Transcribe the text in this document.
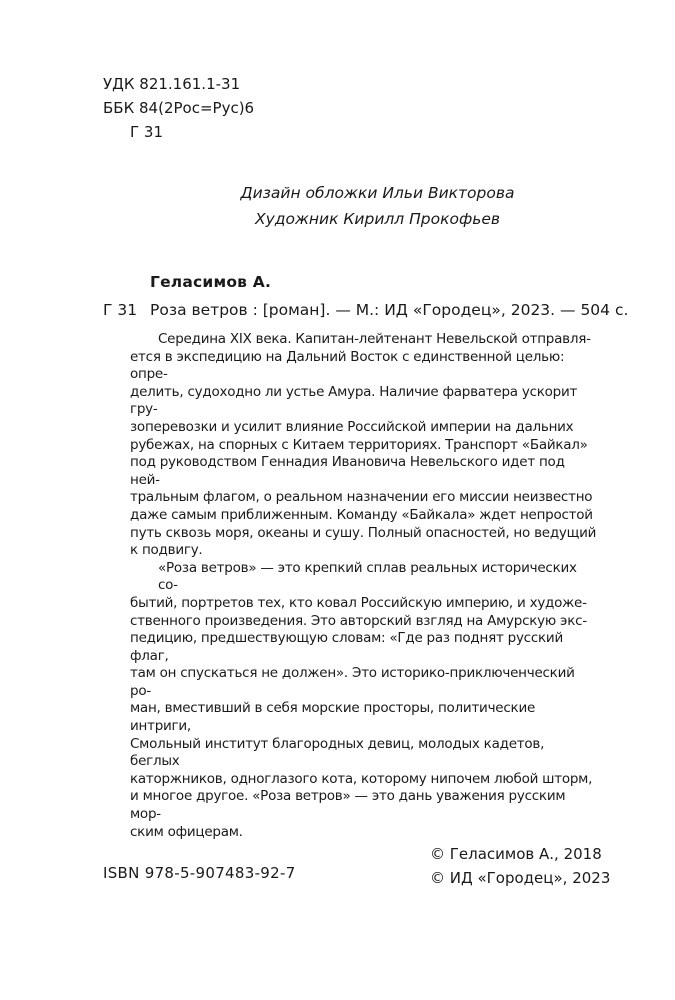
УДК 821.161.1-31
ББК 84(2Рос=Рус)6
Г 31
Дизайн обложки Ильи Викторова
Художник Кирилл Прокофьев
Геласимов А.
Г 31 Роза ветров : [роман]. — М.: ИД «Городец», 2023. — 504 с.
Середина XIX века. Капитан-лейтенант Невельской отправля-
ется в экспедицию на Дальний Восток с единственной целью: опре-
делить, судоходно ли устье Амура. Наличие фарватера ускорит гру-
зоперевозки и усилит влияние Российской империи на дальних
рубежах, на спорных с Китаем территориях. Транспорт «Байкал»
под руководством Геннадия Ивановича Невельского идет под ней-
тральным флагом, о реальном назначении его миссии неизвестно
даже самым приближенным. Команду «Байкала» ждет непростой
путь сквозь моря, океаны и сушу. Полный опасностей, но ведущий
к подвигу.
«Роза ветров» — это крепкий сплав реальных исторических со-
бытий, портретов тех, кто ковал Российскую империю, и художе-
ственного произведения. Это авторский взгляд на Амурскую экс-
педицию, предшествующую словам: «Где раз поднят русский флаг,
там он спускаться не должен». Это историко-приключенческий ро-
ман, вместивший в себя морские просторы, политические интриги,
Смольный институт благородных девиц, молодых кадетов, беглых
каторжников, одноглазого кота, которому нипочем любой шторм,
и многое другое. «Роза ветров» — это дань уважения русским мор-
ским офицерам.
ISBN 978-5-907483-92-7
© Геласимов А., 2018
© ИД «Городец», 2023
